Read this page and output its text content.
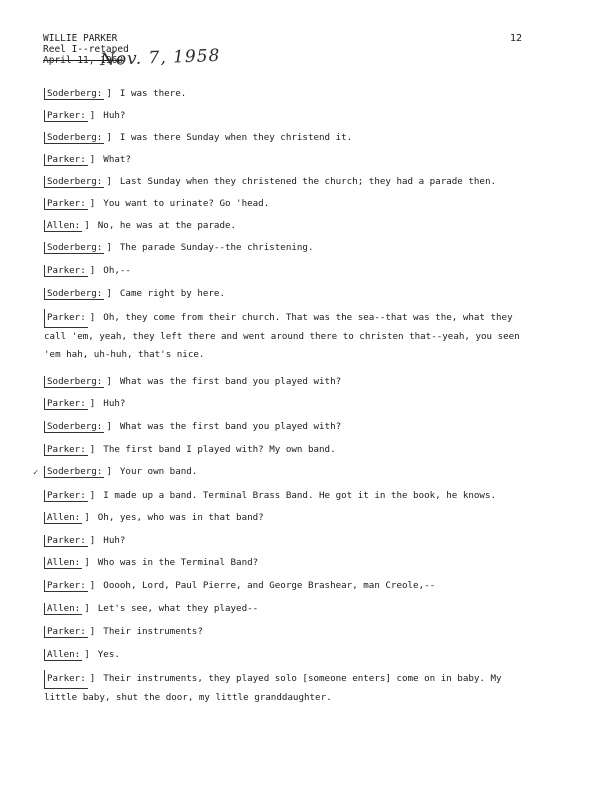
WILLIE PARKER
Reel I--retaped
April 11, 1960
Nov. 7, 1958
12
✓
Soderberg: ] I was there.
Parker: ] Huh?
Soderberg: ] I was there Sunday when they christend it.
Parker: ] What?
Soderberg: ] Last Sunday when they christened the church; they had a parade then.
Parker: ] You want to urinate? Go 'head.
Allen: ] No, he was at the parade.
Soderberg: ] The parade Sunday--the christening.
Parker: ] Oh,--
Soderberg: ] Came right by here.
Parker: ] Oh, they come from their church. That was the sea--that was the, what they call 'em, yeah, they left there and went around there to christen that--yeah, you seen 'em hah, uh-huh, that's nice.
Soderberg: ] What was the first band you played with?
Parker: ] Huh?
Soderberg: ] What was the first band you played with?
Parker: ] The first band I played with? My own band.
Soderberg: ] Your own band.
Parker: ] I made up a band. Terminal Brass Band. He got it in the book, he knows.
Allen: ] Oh, yes, who was in that band?
Parker: ] Huh?
Allen: ] Who was in the Terminal Band?
Parker: ] Ooooh, Lord, Paul Pierre, and George Brashear, man Creole,--
Allen: ] Let's see, what they played--
Parker: ] Their instruments?
Allen: ] Yes.
Parker: ] Their instruments, they played solo [someone enters] come on in baby. My little baby, shut the door, my little granddaughter.
